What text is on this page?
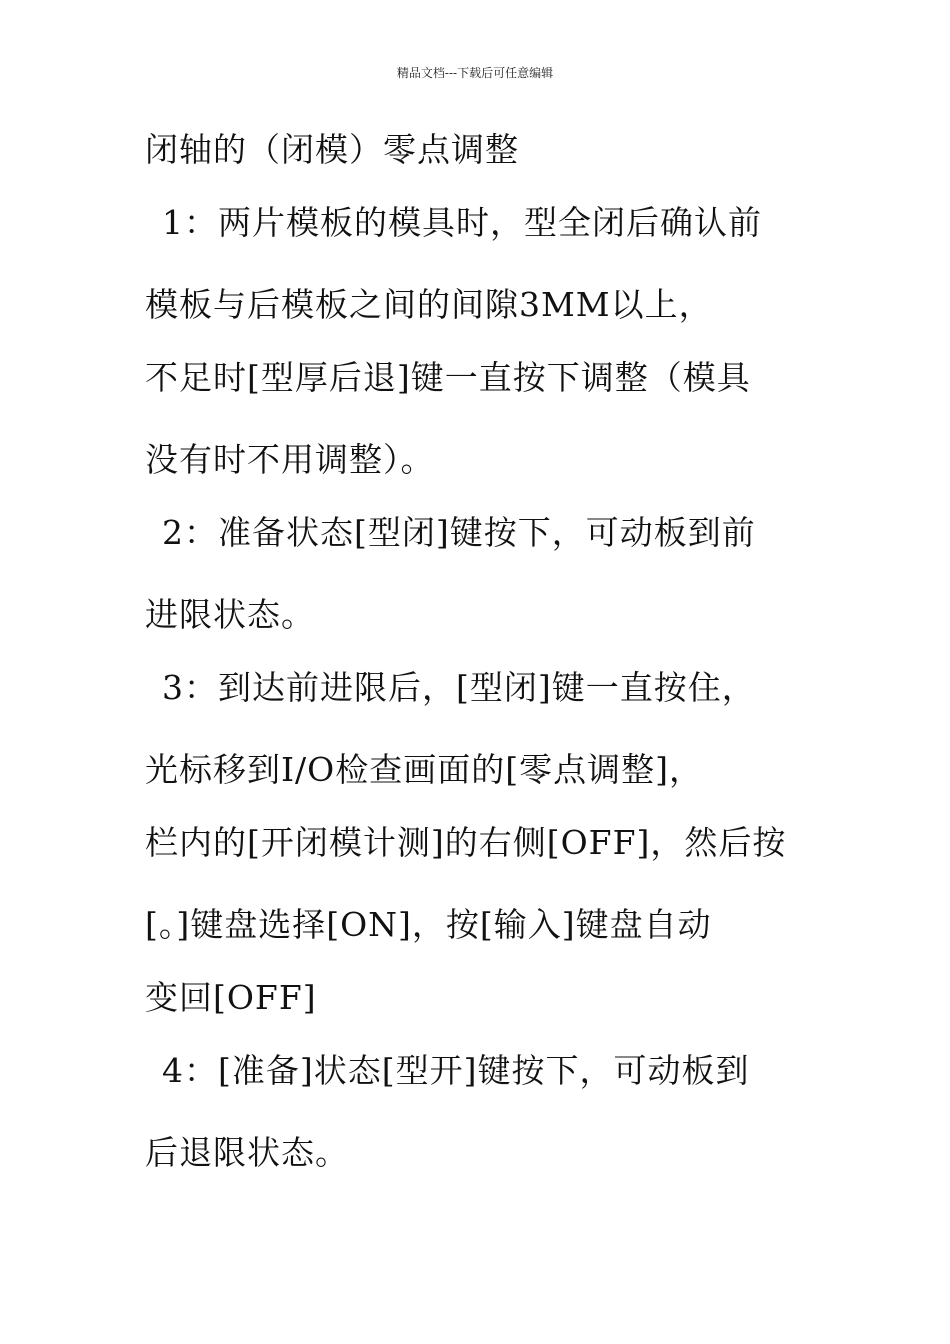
精品文档---下载后可任意编辑
闭轴的（闭模）零点调整
1：两片模板的模具时，型全闭后确认前
模板与后模板之间的间隙3MM以上，
不足时[型厚后退]键一直按下调整（模具
没有时不用调整）。
2：准备状态[型闭]键按下，可动板到前
进限状态。
3：到达前进限后，[型闭]键一直按住，
光标移到I/O检查画面的[零点调整]，
栏内的[开闭模计测]的右侧[OFF]，然后按
[。]键盘选择[ON]，按[输入]键盘自动
变回[OFF]
4：[准备]状态[型开]键按下，可动板到
后退限状态。
